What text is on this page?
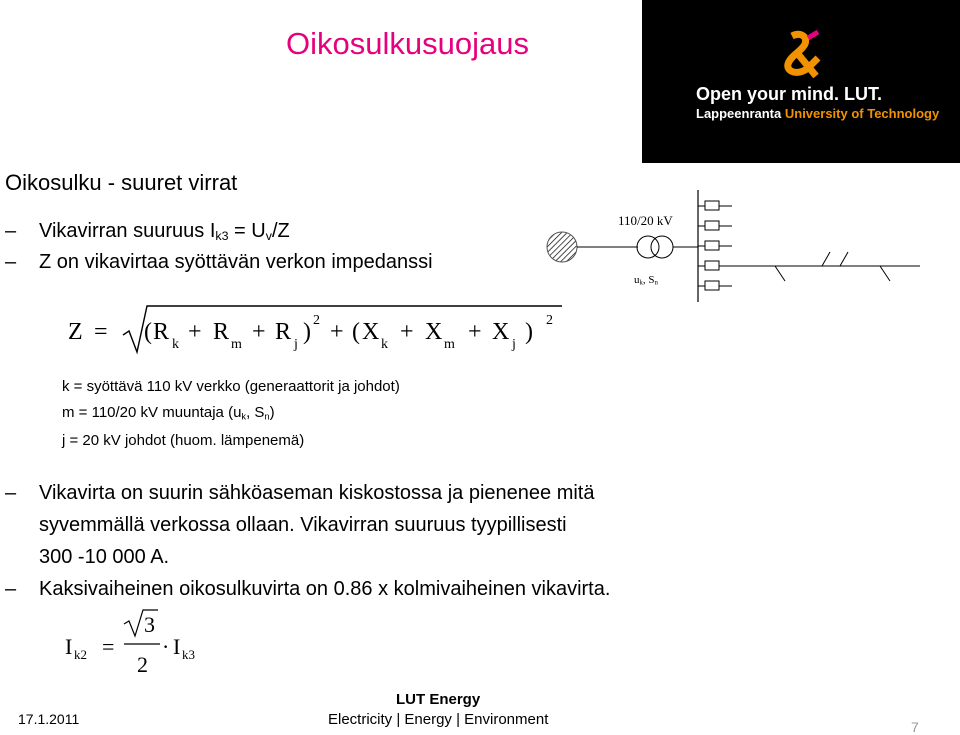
Oikosulkusuojaus
Open your mind. LUT.
Lappeenranta University of Technology
Oikosulku - suuret virrat
– Vikavirran suuruus $I_{k3} = U_v/Z$
– Z on vikavirtaa syöttävän verkon impedanssi
110/20 kV
$u_k$, $S_n$
Z = ( R k + R m + R j ) 2 + ( X k + X m + X j ) 2
k = syöttävä 110 kV verkko (generaattorit ja johdot)
m = 110/20 kV muuntaja ($u_k$, $S_n$)
j = 20 kV johdot (huom. lämpenemä)
– Vikavirta on suurin sähköaseman kiskostossa ja pienenee mitä
syvemmällä verkossa ollaan. Vikavirran suuruus tyypillisesti
300 -10 000 A.
– Kaksivaiheinen oikosulkuvirta on 0.86 x kolmivaiheinen vikavirta.
I k2 =
3
2
· I k3
17.1.2011
LUT Energy
Electricity | Energy | Environment	7
